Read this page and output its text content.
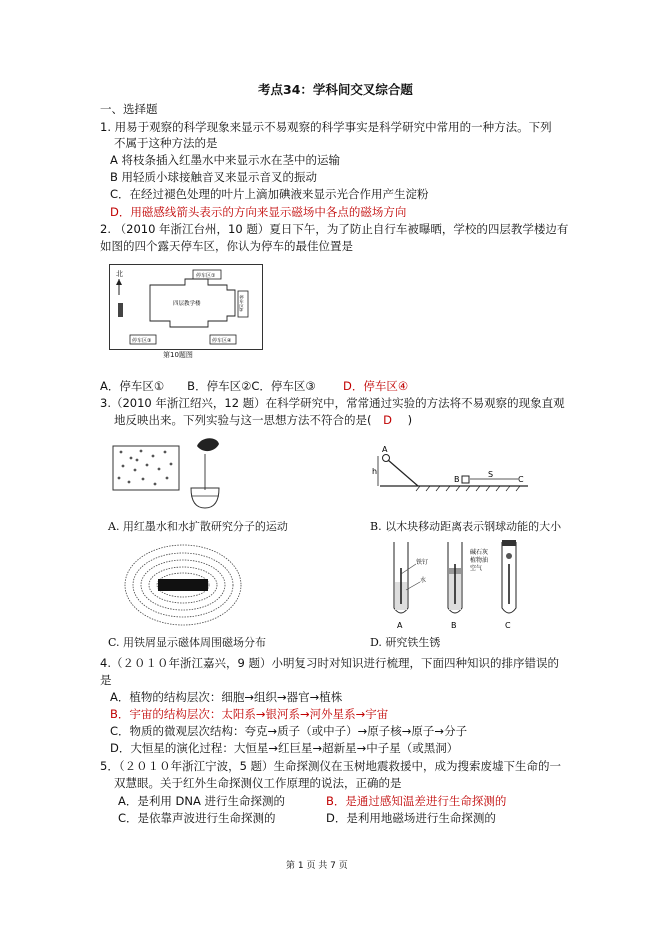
考点34：学科间交叉综合题
一、选择题
1. 用易于观察的科学现象来显示不易观察的科学事实是科学研究中常用的一种方法。下列
不属于这种方法的是
A 将枝条插入红墨水中来显示水在茎中的运输
B 用轻质小球接触音叉来显示音叉的振动
C．在经过褪色处理的叶片上滴加碘液来显示光合作用产生淀粉
D．用磁感线箭头表示的方向来显示磁场中各点的磁场方向
2. （2010 年浙江台州，10 题）夏日下午，为了防止自行车被曝晒，学校的四层教学楼边有
如图的四个露天停车区，你认为停车的最佳位置是
北	停车区①
四层教学楼	停车区②
停车区③	停车区④
第10题图
A．停车区①　　B．停车区②C．停车区③ D．停车区④
3.（2010 年浙江绍兴，12 题）在科学研究中，常常通过实验的方法将不易观察的现象直观
地反映出来。下列实验与这一思想方法不符合的是( D )
A. 用红墨水和水扩散研究分子的运动
A
h
B
S
C
B. 以木块移动距离表示钢球动能的大小
C. 用铁屑显示磁体周围磁场分布
铁钉
水
碱石灰
植物油
空气
A	B	C
D. 研究铁生锈
4.（２０１０年浙江嘉兴，9 题）小明复习时对知识进行梳理，下面四种知识的排序错误的
是
A．植物的结构层次：细胞→组织→器官→植株
B．宇宙的结构层次：太阳系→银河系→河外星系→宇宙
C．物质的微观层次结构：夸克→质子（或中子）→原子核→原子→分子
D．大恒星的演化过程：大恒星→红巨星→超新星→中子星（或黑洞）
5．（２０１０年浙江宁波，5 题）生命探测仪在玉树地震救援中，成为搜索废墟下生命的一
双慧眼。关于红外生命探测仪工作原理的说法，正确的是
A．是利用 DNA 进行生命探测的	B．是通过感知温差进行生命探测的
C．是依靠声波进行生命探测的	D．是利用地磁场进行生命探测的
第 1 页 共 7 页
